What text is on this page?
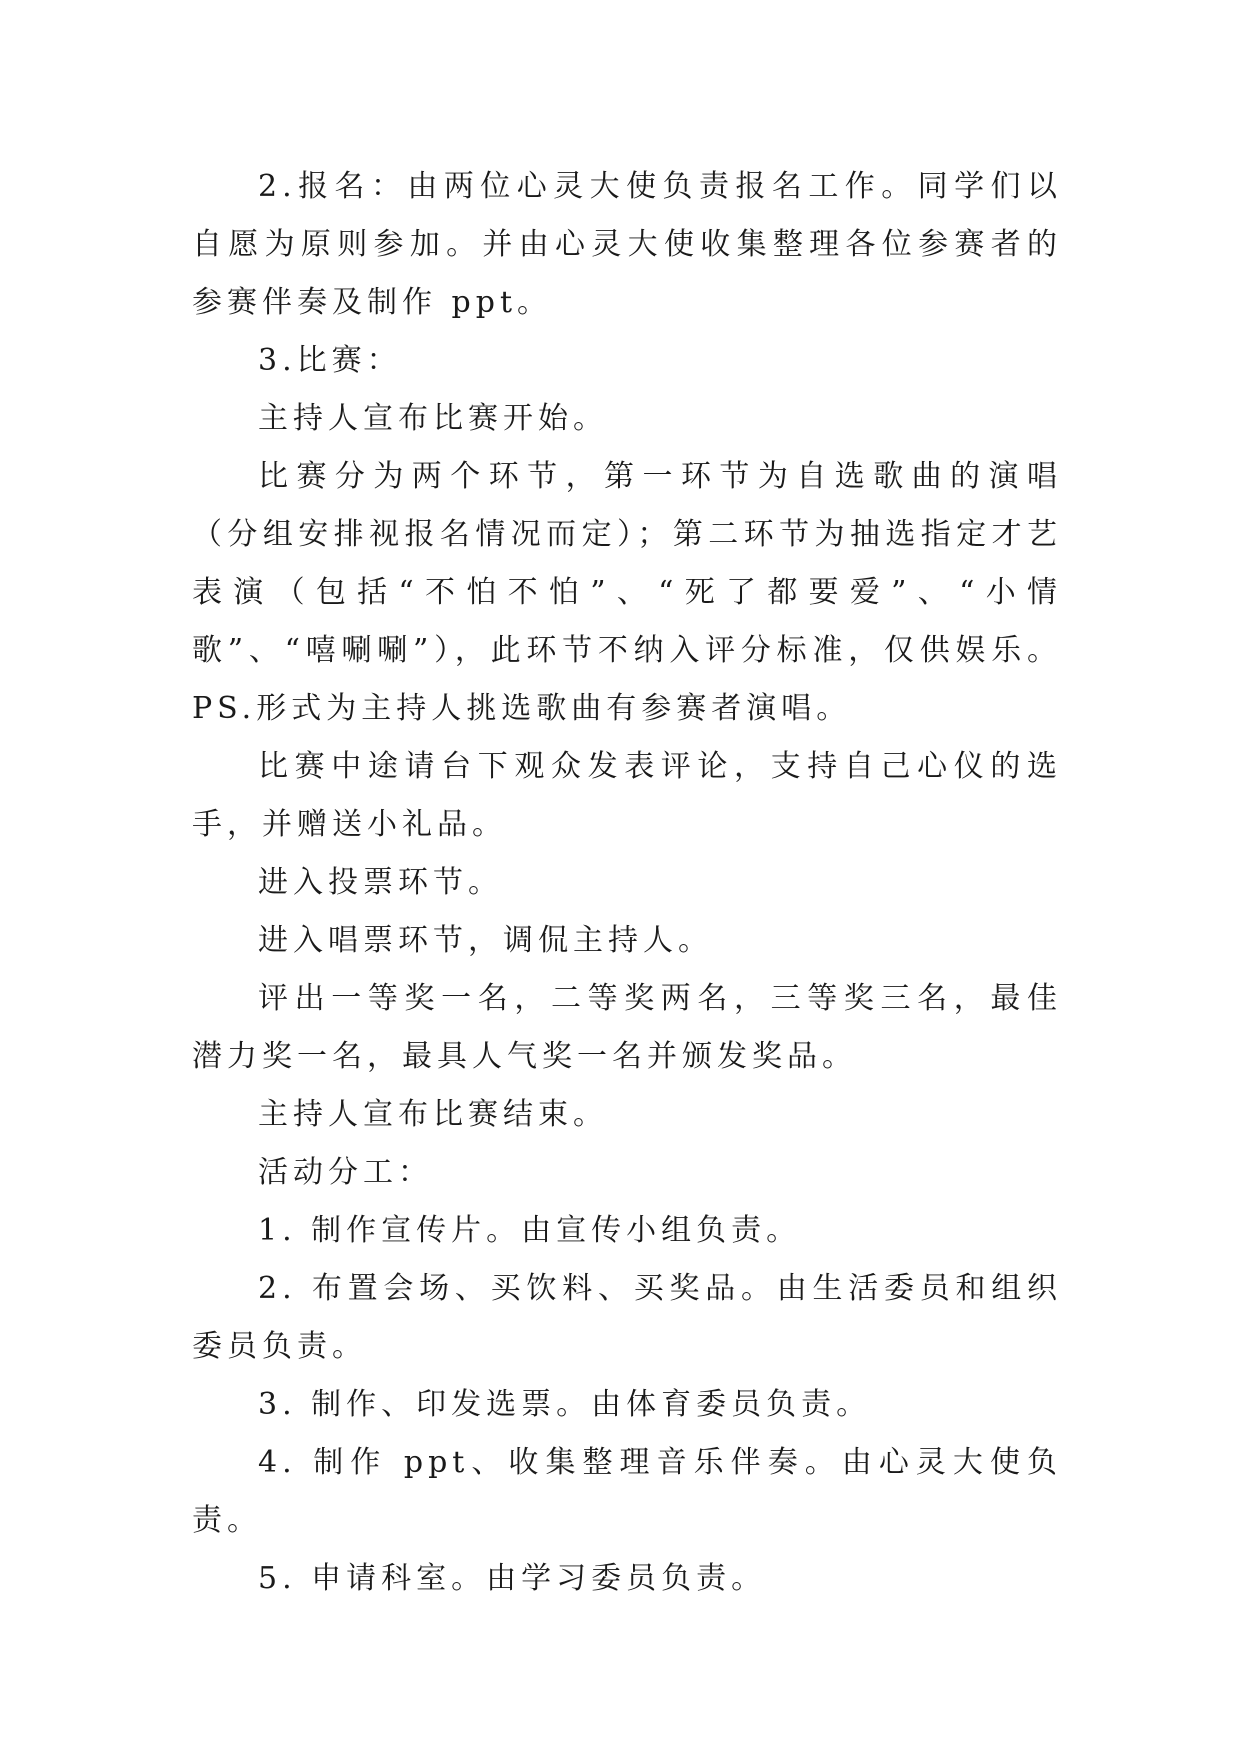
2.报名：由两位心灵大使负责报名工作。同学们以自愿为原则参加。并由心灵大使收集整理各位参赛者的参赛伴奏及制作 ppt。

3.比赛：

主持人宣布比赛开始。

比赛分为两个环节，第一环节为自选歌曲的演唱（分组安排视报名情况而定）；第二环节为抽选指定才艺表演（包括“不怕不怕”、“死了都要爱”、“小情歌”、“嘻唰唰”），此环节不纳入评分标准，仅供娱乐。PS.形式为主持人挑选歌曲有参赛者演唱。

比赛中途请台下观众发表评论，支持自己心仪的选手，并赠送小礼品。

进入投票环节。

进入唱票环节，调侃主持人。

评出一等奖一名，二等奖两名，三等奖三名，最佳潜力奖一名，最具人气奖一名并颁发奖品。

主持人宣布比赛结束。

活动分工：

1. 制作宣传片。由宣传小组负责。

2. 布置会场、买饮料、买奖品。由生活委员和组织委员负责。

3. 制作、印发选票。由体育委员负责。

4. 制作 ppt、收集整理音乐伴奏。由心灵大使负责。

5. 申请科室。由学习委员负责。
